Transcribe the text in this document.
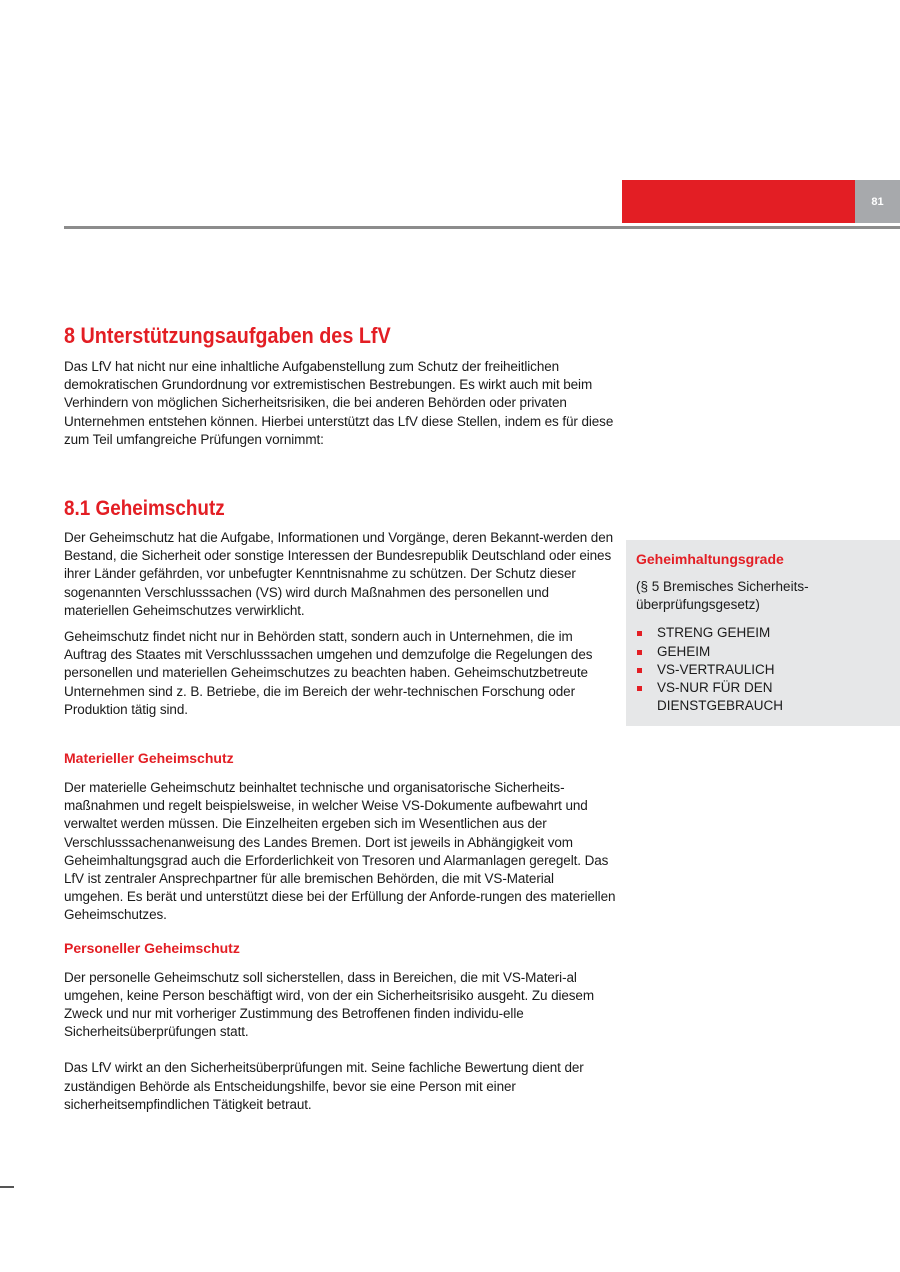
81
8 Unterstützungsaufgaben des LfV

Das LfV hat nicht nur eine inhaltliche Aufgabenstellung zum Schutz der freiheitlichen demokratischen Grundordnung vor extremistischen Bestrebungen. Es wirkt auch mit beim Verhindern von möglichen Sicherheitsrisiken, die bei anderen Behörden oder privaten Unternehmen entstehen können. Hierbei unterstützt das LfV diese Stellen, indem es für diese zum Teil umfangreiche Prüfungen vornimmt:

8.1 Geheimschutz

Der Geheimschutz hat die Aufgabe, Informationen und Vorgänge, deren Bekannt-werden den Bestand, die Sicherheit oder sonstige Interessen der Bundesrepublik Deutschland oder eines ihrer Länder gefährden, vor unbefugter Kenntnisnahme zu schützen. Der Schutz dieser sogenannten Verschlusssachen (VS) wird durch Maßnahmen des personellen und materiellen Geheimschutzes verwirklicht.

Geheimschutz findet nicht nur in Behörden statt, sondern auch in Unternehmen, die im Auftrag des Staates mit Verschlusssachen umgehen und demzufolge die Regelungen des personellen und materiellen Geheimschutzes zu beachten haben. Geheimschutzbetreute Unternehmen sind z. B. Betriebe, die im Bereich der wehr-technischen Forschung oder Produktion tätig sind.

Materieller Geheimschutz

Der materielle Geheimschutz beinhaltet technische und organisatorische Sicherheits-maßnahmen und regelt beispielsweise, in welcher Weise VS-Dokumente aufbewahrt und verwaltet werden müssen. Die Einzelheiten ergeben sich im Wesentlichen aus der Verschlusssachenanweisung des Landes Bremen. Dort ist jeweils in Abhängigkeit vom Geheimhaltungsgrad auch die Erforderlichkeit von Tresoren und Alarmanlagen geregelt. Das LfV ist zentraler Ansprechpartner für alle bremischen Behörden, die mit VS-Material umgehen. Es berät und unterstützt diese bei der Erfüllung der Anforde-rungen des materiellen Geheimschutzes.

Personeller Geheimschutz

Der personelle Geheimschutz soll sicherstellen, dass in Bereichen, die mit VS-Materi-al umgehen, keine Person beschäftigt wird, von der ein Sicherheitsrisiko ausgeht. Zu diesem Zweck und nur mit vorheriger Zustimmung des Betroffenen finden individu-elle Sicherheitsüberprüfungen statt.

Das LfV wirkt an den Sicherheitsüberprüfungen mit. Seine fachliche Bewertung dient der zuständigen Behörde als Entscheidungshilfe, bevor sie eine Person mit einer sicherheitsempfindlichen Tätigkeit betraut.

Geheimhaltungsgrade
(§ 5 Bremisches Sicherheits-überprüfungsgesetz)
STRENG GEHEIM
GEHEIM
VS-VERTRAULICH
VS-NUR FÜR DEN DIENSTGEBRAUCH
